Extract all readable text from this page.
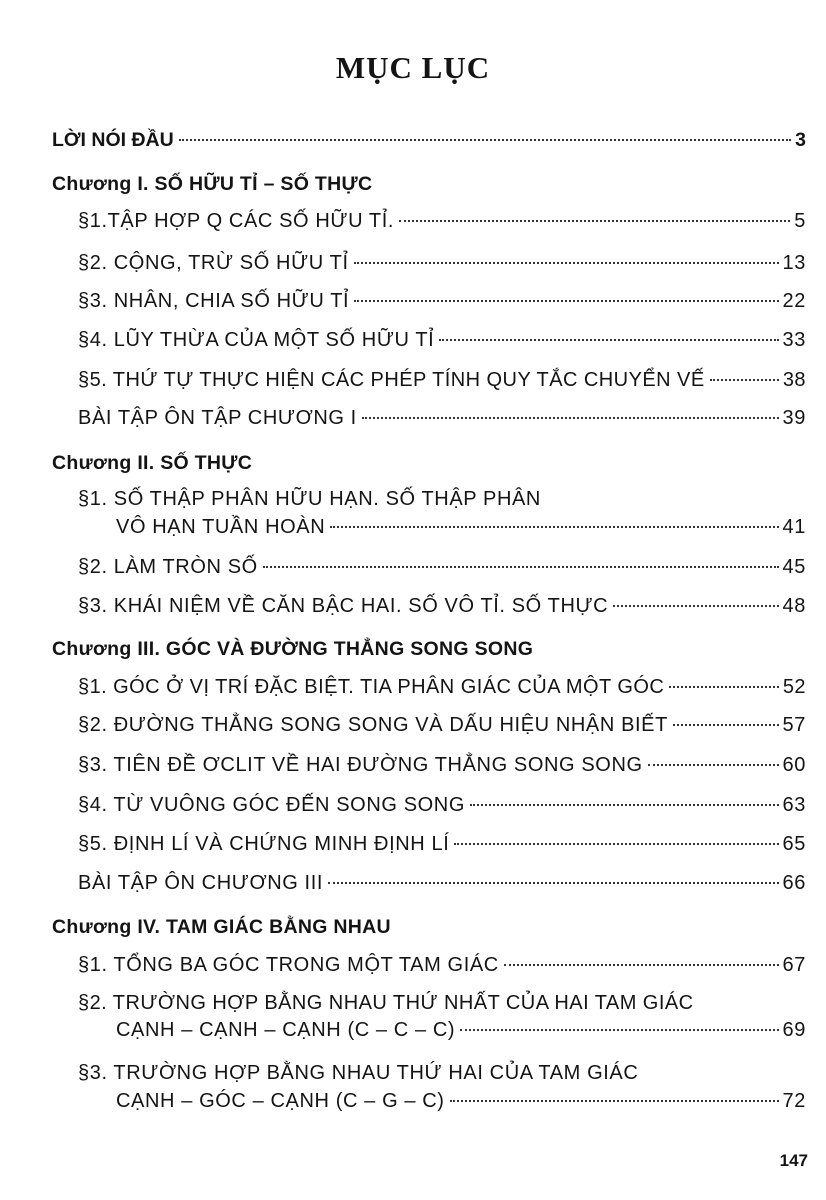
MỤC LỤC
LỜI NÓI ĐẦU	3
Chương I. SỐ HỮU TỈ – SỐ THỰC
§1.TẬP HỢP Q CÁC SỐ HỮU TỈ.	5
§2. CỘNG, TRỪ SỐ HỮU TỈ	13
§3. NHÂN, CHIA SỐ HỮU TỈ	22
§4. LŨY THỪA CỦA MỘT SỐ HỮU TỈ	33
§5. THỨ TỰ THỰC HIỆN CÁC PHÉP TÍNH QUY TẮC CHUYỂN VẾ	38
BÀI TẬP ÔN TẬP CHƯƠNG I	39
Chương II. SỐ THỰC
§1. SỐ THẬP PHÂN HỮU HẠN. SỐ THẬP PHÂN
VÔ HẠN TUẦN HOÀN	41
§2. LÀM TRÒN SỐ	45
§3. KHÁI NIỆM VỀ CĂN BẬC HAI. SỐ VÔ TỈ. SỐ THỰC	48
Chương III. GÓC VÀ ĐƯỜNG THẲNG SONG SONG
§1. GÓC Ở VỊ TRÍ ĐẶC BIỆT. TIA PHÂN GIÁC CỦA MỘT GÓC	52
§2. ĐƯỜNG THẲNG SONG SONG VÀ DẤU HIỆU NHẬN BIẾT	57
§3. TIÊN ĐỀ ƠCLIT VỀ HAI ĐƯỜNG THẲNG SONG SONG	60
§4. TỪ VUÔNG GÓC ĐẾN SONG SONG	63
§5. ĐỊNH LÍ VÀ CHỨNG MINH ĐỊNH LÍ	65
BÀI TẬP ÔN CHƯƠNG III	66
Chương IV. TAM GIÁC BẰNG NHAU
§1. TỔNG BA GÓC TRONG MỘT TAM GIÁC	67
§2. TRƯỜNG HỢP BẰNG NHAU THỨ NHẤT CỦA HAI TAM GIÁC
CẠNH – CẠNH – CẠNH (C – C – C)	69
§3. TRƯỜNG HỢP BẰNG NHAU THỨ HAI CỦA TAM GIÁC
CẠNH – GÓC – CẠNH (C – G – C)	72
147
